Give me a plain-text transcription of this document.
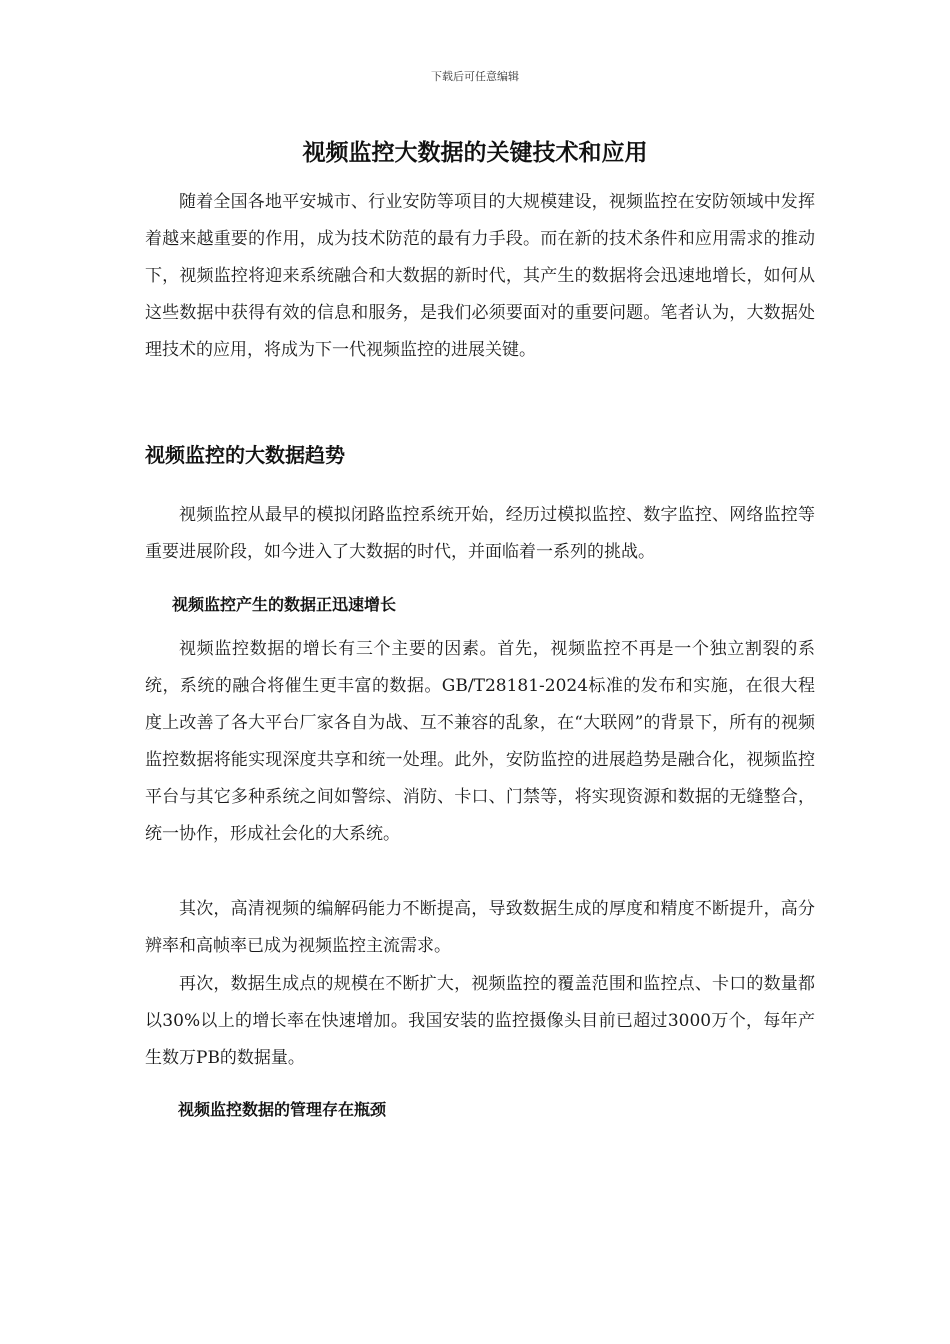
下载后可任意编辑
视频监控大数据的关键技术和应用

随着全国各地平安城市、行业安防等项目的大规模建设，视频监控在安防领域中发挥着越来越重要的作用，成为技术防范的最有力手段。而在新的技术条件和应用需求的推动下，视频监控将迎来系统融合和大数据的新时代，其产生的数据将会迅速地增长，如何从这些数据中获得有效的信息和服务，是我们必须要面对的重要问题。笔者认为，大数据处理技术的应用，将成为下一代视频监控的进展关键。

视频监控的大数据趋势

视频监控从最早的模拟闭路监控系统开始，经历过模拟监控、数字监控、网络监控等重要进展阶段，如今进入了大数据的时代，并面临着一系列的挑战。

视频监控产生的数据正迅速增长

视频监控数据的增长有三个主要的因素。首先，视频监控不再是一个独立割裂的系统，系统的融合将催生更丰富的数据。GB/T28181-2024标准的发布和实施，在很大程度上改善了各大平台厂家各自为战、互不兼容的乱象，在“大联网”的背景下，所有的视频监控数据将能实现深度共享和统一处理。此外，安防监控的进展趋势是融合化，视频监控平台与其它多种系统之间如警综、消防、卡口、门禁等，将实现资源和数据的无缝整合，统一协作，形成社会化的大系统。

其次，高清视频的编解码能力不断提高，导致数据生成的厚度和精度不断提升，高分辨率和高帧率已成为视频监控主流需求。

再次，数据生成点的规模在不断扩大，视频监控的覆盖范围和监控点、卡口的数量都以30%以上的增长率在快速增加。我国安装的监控摄像头目前已超过3000万个，每年产生数万PB的数据量。

视频监控数据的管理存在瓶颈
